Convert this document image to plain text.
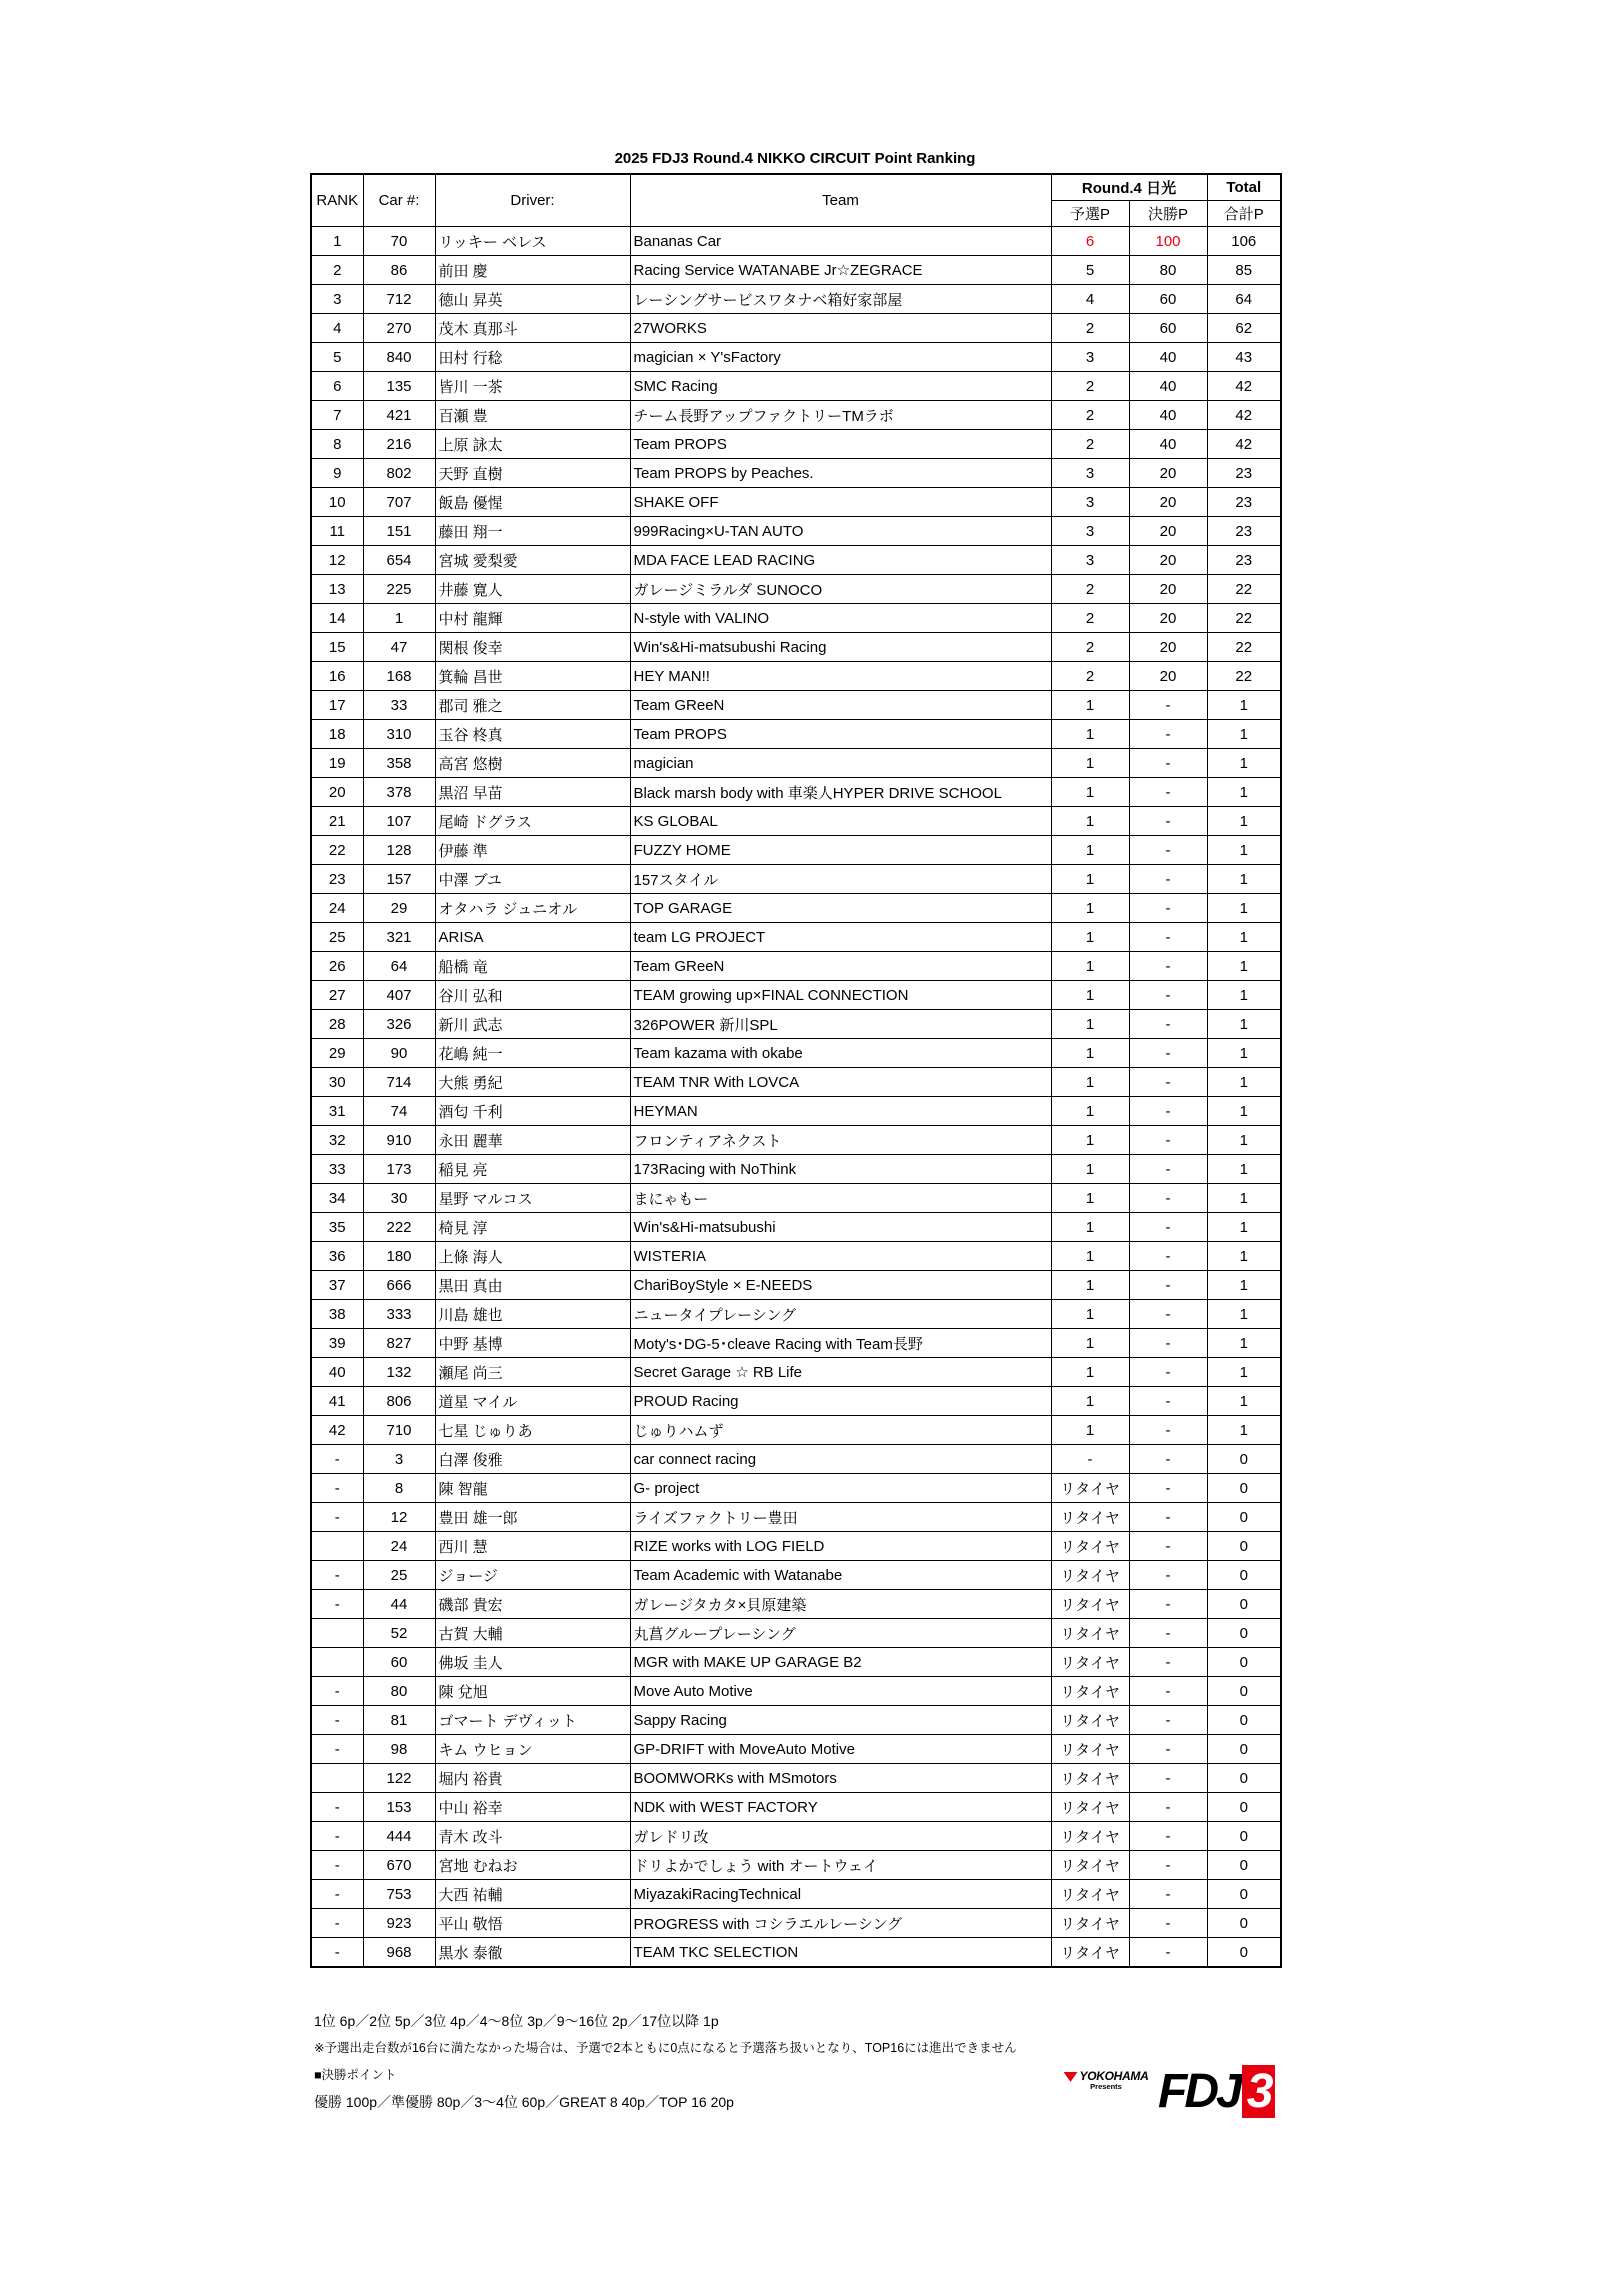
2025 FDJ3 Round.4 NIKKO CIRCUIT Point Ranking
RANK	Car #:	Driver:	Team	Round.4 日光		Total
				予選P	決勝P	合計P
1	70	リッキー ベレス	Bananas Car	6	100	106
2	86	前田 慶	Racing Service WATANABE Jr☆ZEGRACE	5	80	85
3	712	徳山 昇英	レーシングサービスワタナベ箱好家部屋	4	60	64
4	270	茂木 真那斗	27WORKS	2	60	62
5	840	田村 行稔	magician × Y'sFactory	3	40	43
6	135	皆川 一茶	SMC Racing	2	40	42
7	421	百瀬 豊	チーム長野アップファクトリーTMラボ	2	40	42
8	216	上原 詠太	Team PROPS	2	40	42
9	802	天野 直樹	Team PROPS by Peaches.	3	20	23
10	707	飯島 優惺	SHAKE OFF	3	20	23
11	151	藤田 翔一	999Racing×U-TAN AUTO	3	20	23
12	654	宮城 愛梨愛	MDA FACE LEAD RACING	3	20	23
13	225	井藤 寛人	ガレージミラルダ SUNOCO	2	20	22
14	1	中村 龍輝	N-style with VALINO	2	20	22
15	47	関根 俊幸	Win's&Hi-matsubushi Racing	2	20	22
16	168	箕輪 昌世	HEY MAN!!	2	20	22
17	33	郡司 雅之	Team GReeN	1	-	1
18	310	玉谷 柊真	Team PROPS	1	-	1
19	358	高宮 悠樹	magician	1	-	1
20	378	黒沼 早苗	Black marsh body with 車楽人HYPER DRIVE SCHOOL	1	-	1
21	107	尾崎 ドグラス	KS GLOBAL	1	-	1
22	128	伊藤 準	FUZZY HOME	1	-	1
23	157	中澤 ブユ	157スタイル	1	-	1
24	29	オタハラ ジュニオル	TOP GARAGE	1	-	1
25	321	ARISA	team LG PROJECT	1	-	1
26	64	船橋 竜	Team GReeN	1	-	1
27	407	谷川 弘和	TEAM growing up×FINAL CONNECTION	1	-	1
28	326	新川 武志	326POWER 新川SPL	1	-	1
29	90	花嶋 純一	Team kazama with okabe	1	-	1
30	714	大熊 勇紀	TEAM TNR With LOVCA	1	-	1
31	74	酒匂 千利	HEYMAN	1	-	1
32	910	永田 麗華	フロンティアネクスト	1	-	1
33	173	稲見 亮	173Racing with NoThink	1	-	1
34	30	星野 マルコス	まにゃもー	1	-	1
35	222	椅見 淳	Win's&Hi-matsubushi	1	-	1
36	180	上條 海人	WISTERIA	1	-	1
37	666	黒田 真由	ChariBoyStyle × E-NEEDS	1	-	1
38	333	川島 雄也	ニュータイプレーシング	1	-	1
39	827	中野 基博	Moty's･DG-5･cleave Racing with Team長野	1	-	1
40	132	瀬尾 尚三	Secret Garage ☆ RB Life	1	-	1
41	806	道星 マイル	PROUD Racing	1	-	1
42	710	七星 じゅりあ	じゅりハムず	1	-	1
-	3	白澤 俊雅	car connect racing	-	-	0
-	8	陳 智龍	G- project	リタイヤ	-	0
-	12	豊田 雄一郎	ライズファクトリー豊田	リタイヤ	-	0
	24	西川 慧	RIZE works with LOG FIELD	リタイヤ	-	0
-	25	ジョージ	Team Academic with Watanabe	リタイヤ	-	0
-	44	磯部 貴宏	ガレージタカタ×貝原建築	リタイヤ	-	0
	52	古賀 大輔	丸菖グループレーシング	リタイヤ	-	0
	60	佛坂 圭人	MGR with MAKE UP GARAGE B2	リタイヤ	-	0
-	80	陳 兌旭	Move Auto Motive	リタイヤ	-	0
-	81	ゴマート デヴィット	Sappy Racing	リタイヤ	-	0
-	98	キム ウヒョン	GP-DRIFT with MoveAuto Motive	リタイヤ	-	0
	122	堀内 裕貴	BOOMWORKs with MSmotors	リタイヤ	-	0
-	153	中山 裕幸	NDK with WEST FACTORY	リタイヤ	-	0
-	444	青木 改斗	ガレドリ改	リタイヤ	-	0
-	670	宮地 むねお	ドリよかでしょう with オートウェイ	リタイヤ	-	0
-	753	大西 祐輔	MiyazakiRacingTechnical	リタイヤ	-	0
-	923	平山 敬悟	PROGRESS with コシラエルレーシング	リタイヤ	-	0
-	968	黒水 泰徹	TEAM TKC SELECTION	リタイヤ	-	0
1位 6p／2位 5p／3位 4p／4～8位 3p／9～16位 2p／17位以降 1p
※予選出走台数が16台に満たなかった場合は、予選で2本ともに0点になると予選落ち扱いとなり、TOP16には進出できません
■決勝ポイント
優勝 100p／準優勝 80p／3～4位 60p／GREAT 8 40p／TOP 16 20p
YOKOHAMA
Presents FDJ 3
